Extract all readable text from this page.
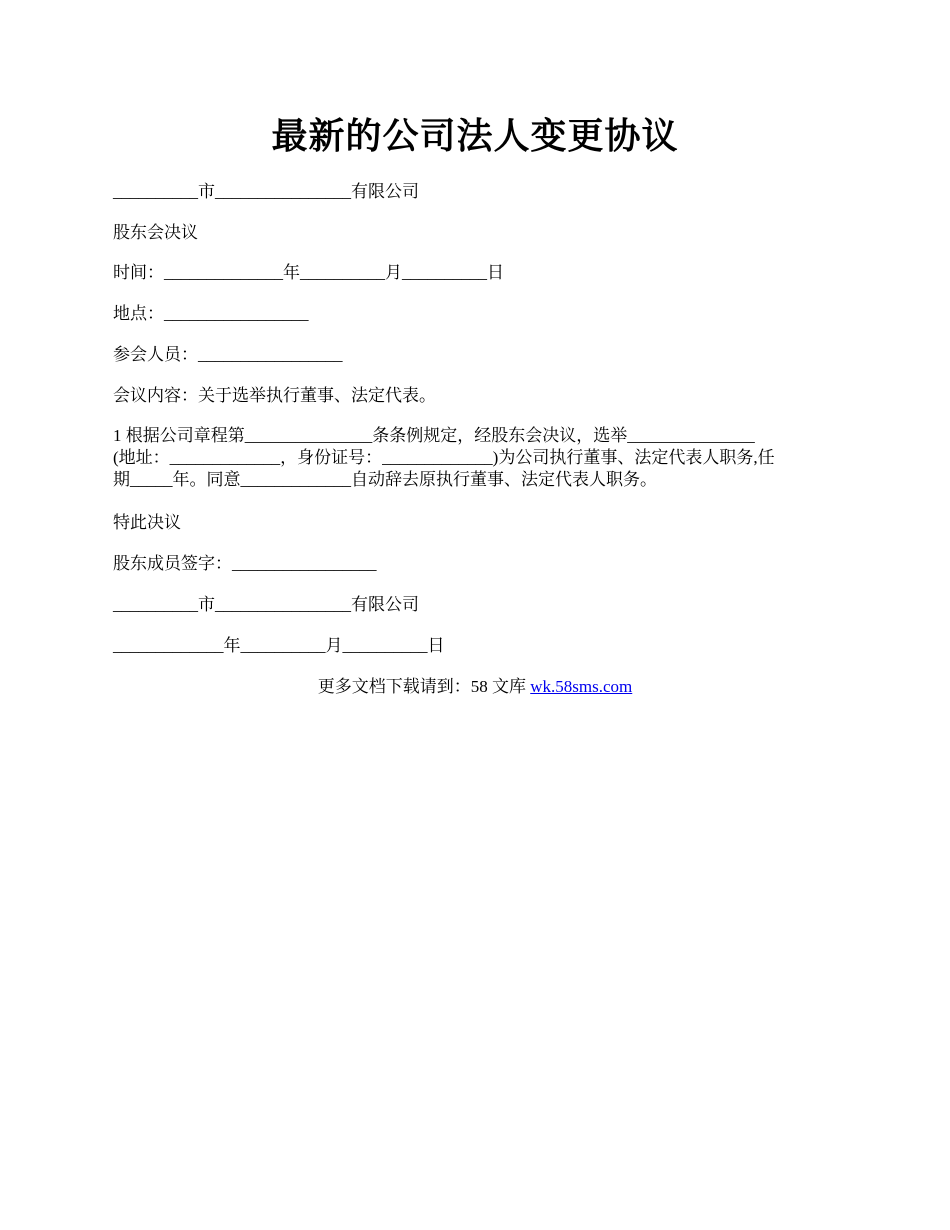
最新的公司法人变更协议
__________市________________有限公司
股东会决议
时间：______________年__________月__________日
地点：_________________
参会人员：_________________
会议内容：关于选举执行董事、法定代表。
1 根据公司章程第_______________条条例规定，经股东会决议，选举_______________
(地址：_____________，身份证号：_____________)为公司执行董事、法定代表人职务,任
期_____年。同意_____________自动辞去原执行董事、法定代表人职务。
特此决议
股东成员签字：_________________
__________市________________有限公司
_____________年__________月__________日
更多文档下载请到：58 文库 wk.58sms.com
